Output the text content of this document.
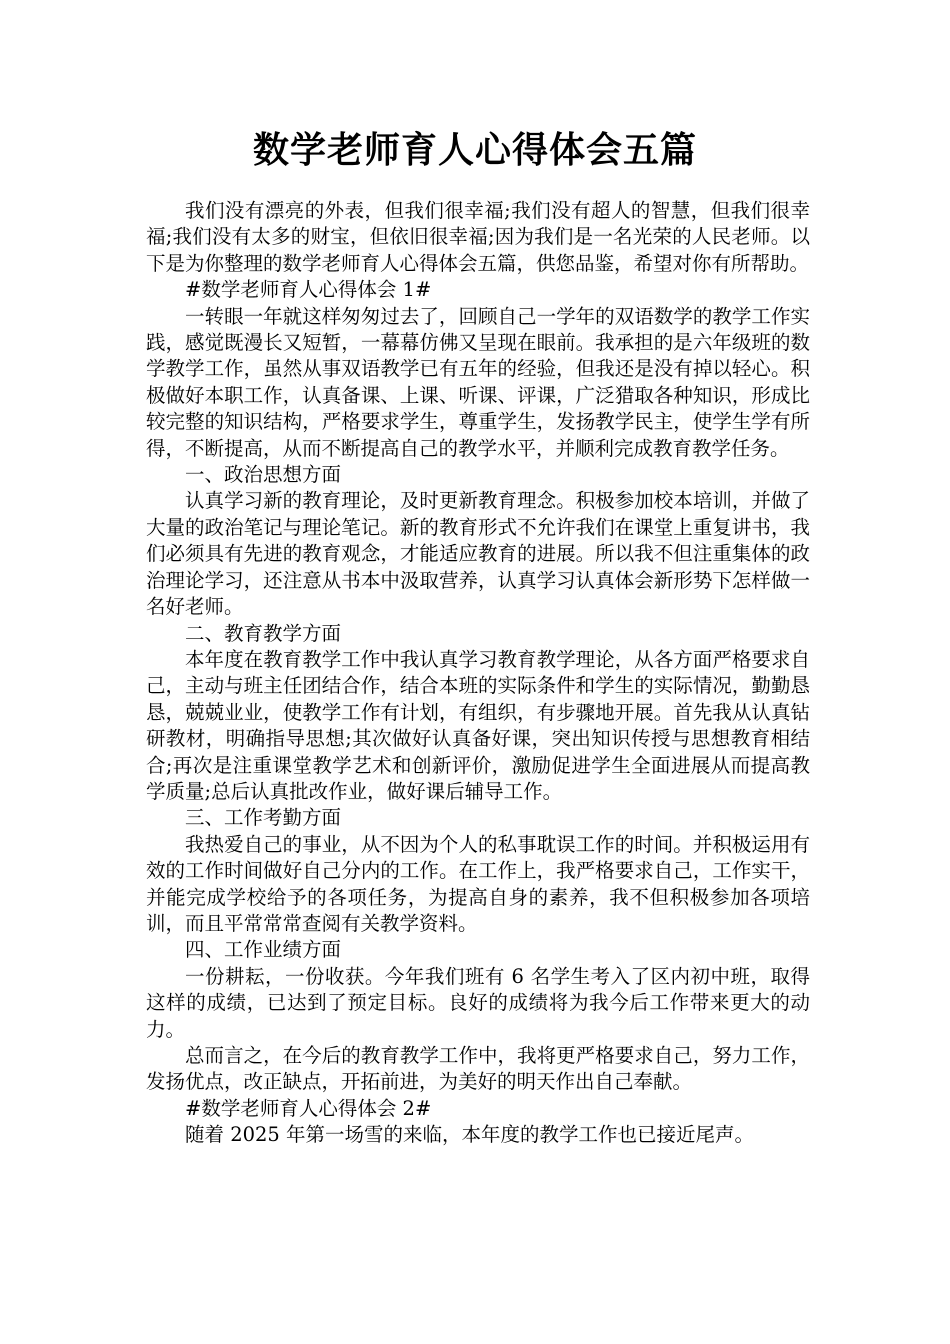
数学老师育人心得体会五篇

我们没有漂亮的外表，但我们很幸福;我们没有超人的智慧，但我们很幸福;我们没有太多的财宝，但依旧很幸福;因为我们是一名光荣的人民老师。以下是为你整理的数学老师育人心得体会五篇，供您品鉴，希望对你有所帮助。

#数学老师育人心得体会 1#

一转眼一年就这样匆匆过去了，回顾自己一学年的双语数学的教学工作实践，感觉既漫长又短暂，一幕幕仿佛又呈现在眼前。我承担的是六年级班的数学教学工作，虽然从事双语教学已有五年的经验，但我还是没有掉以轻心。积极做好本职工作，认真备课、上课、听课、评课，广泛猎取各种知识，形成比较完整的知识结构，严格要求学生，尊重学生，发扬教学民主，使学生学有所得，不断提高，从而不断提高自己的教学水平，并顺利完成教育教学任务。

一、政治思想方面

认真学习新的教育理论，及时更新教育理念。积极参加校本培训，并做了大量的政治笔记与理论笔记。新的教育形式不允许我们在课堂上重复讲书，我们必须具有先进的教育观念，才能适应教育的进展。所以我不但注重集体的政治理论学习，还注意从书本中汲取营养，认真学习认真体会新形势下怎样做一名好老师。

二、教育教学方面

本年度在教育教学工作中我认真学习教育教学理论，从各方面严格要求自己，主动与班主任团结合作，结合本班的实际条件和学生的实际情况，勤勤恳恳，兢兢业业，使教学工作有计划，有组织，有步骤地开展。首先我从认真钻研教材，明确指导思想;其次做好认真备好课，突出知识传授与思想教育相结合;再次是注重课堂教学艺术和创新评价，激励促进学生全面进展从而提高教学质量;总后认真批改作业，做好课后辅导工作。

三、工作考勤方面

我热爱自己的事业，从不因为个人的私事耽误工作的时间。并积极运用有效的工作时间做好自己分内的工作。在工作上，我严格要求自己，工作实干，并能完成学校给予的各项任务，为提高自身的素养，我不但积极参加各项培训，而且平常常常查阅有关教学资料。

四、工作业绩方面

一份耕耘，一份收获。今年我们班有 6 名学生考入了区内初中班，取得这样的成绩，已达到了预定目标。良好的成绩将为我今后工作带来更大的动力。

总而言之，在今后的教育教学工作中，我将更严格要求自己，努力工作，发扬优点，改正缺点，开拓前进，为美好的明天作出自己奉献。

#数学老师育人心得体会 2#

随着 2025 年第一场雪的来临，本年度的教学工作也已接近尾声。
